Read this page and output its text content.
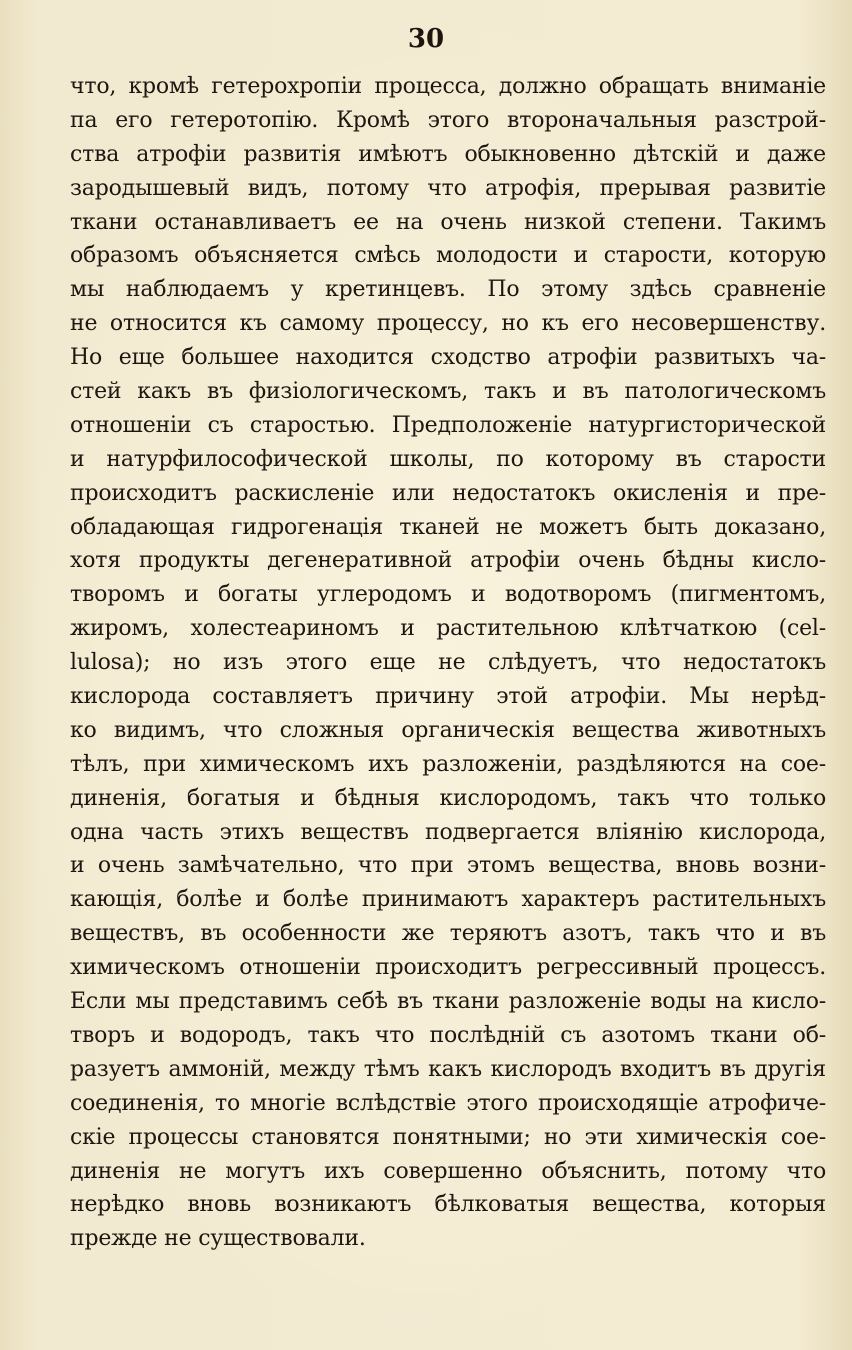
30
что, кромѣ гетерохропіи процесса, должно обращать вниманіе
па его гетеротопію. Кромѣ этого второначальныя разстрой-
ства атрофіи развитія имѣютъ обыкновенно дѣтскій и даже
зародышевый видъ, потому что атрофія, прерывая развитіе
ткани останавливаетъ ее на очень низкой степени. Такимъ
образомъ объясняется смѣсь молодости и старости, которую
мы наблюдаемъ у кретинцевъ. По этому здѣсь сравненіе
не относится къ самому процессу, но къ его несовершенству.
Но еще большее находится сходство атрофіи развитыхъ ча-
стей какъ въ физіологическомъ, такъ и въ патологическомъ
отношеніи съ старостью. Предположеніе натургисторической
и натурфилософической школы, по которому въ старости
происходитъ раскисленіе или недостатокъ окисленія и пре-
обладающая гидрогенація тканей не можетъ быть доказано,
хотя продукты дегенеративной атрофіи очень бѣдны кисло-
творомъ и богаты углеродомъ и водотворомъ (пигментомъ,
жиромъ, холестеариномъ и растительною клѣтчаткою (cel-
lulosa); но изъ этого еще не слѣдуетъ, что недостатокъ
кислорода составляетъ причину этой атрофіи. Мы нерѣд-
ко видимъ, что сложныя органическія вещества животныхъ
тѣлъ, при химическомъ ихъ разложеніи, раздѣляются на сое-
диненія, богатыя и бѣдныя кислородомъ, такъ что только
одна часть этихъ веществъ подвергается вліянію кислорода,
и очень замѣчательно, что при этомъ вещества, вновь возни-
кающія, болѣе и болѣе принимаютъ характеръ растительныхъ
веществъ, въ особенности же теряютъ азотъ, такъ что и въ
химическомъ отношеніи происходитъ регрессивный процессъ.
Если мы представимъ себѣ въ ткани разложеніе воды на кисло-
творъ и водородъ, такъ что послѣдній съ азотомъ ткани об-
разуетъ аммоній, между тѣмъ какъ кислородъ входитъ въ другія
соединенія, то многіе вслѣдствіе этого происходящіе атрофиче-
скіе процессы становятся понятными; но эти химическія сое-
диненія не могутъ ихъ совершенно объяснить, потому что
нерѣдко вновь возникаютъ бѣлковатыя вещества, которыя
прежде не существовали.
